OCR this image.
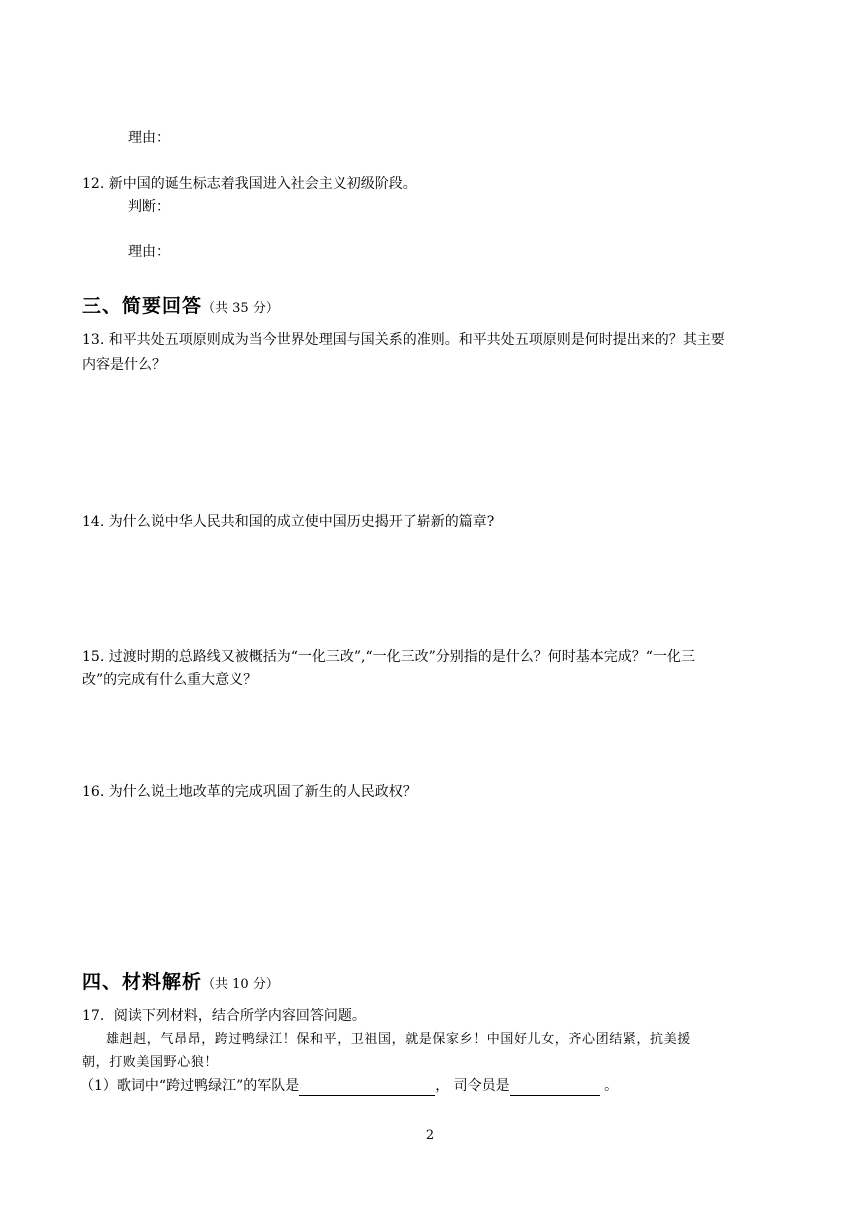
理由：
12. 新中国的诞生标志着我国进入社会主义初级阶段。
判断：
理由：
三、简要回答（共 35 分）
13. 和平共处五项原则成为当今世界处理国与国关系的准则。和平共处五项原则是何时提出来的？其主要
内容是什么？
14. 为什么说中华人民共和国的成立使中国历史揭开了崭新的篇章?
15. 过渡时期的总路线又被概括为“一化三改”,“一化三改”分别指的是什么？何时基本完成？“一化三
改”的完成有什么重大意义？
16. 为什么说土地改革的完成巩固了新生的人民政权？
四、材料解析（共 10 分）
17．阅读下列材料，结合所学内容回答问题。
雄赳赳，气昂昂，跨过鸭绿江！保和平，卫祖国，就是保家乡！中国好儿女，齐心团结紧，抗美援
朝，打败美国野心狼！
（1）歌词中“跨过鸭绿江”的军队是	， 司令员是	。
2
